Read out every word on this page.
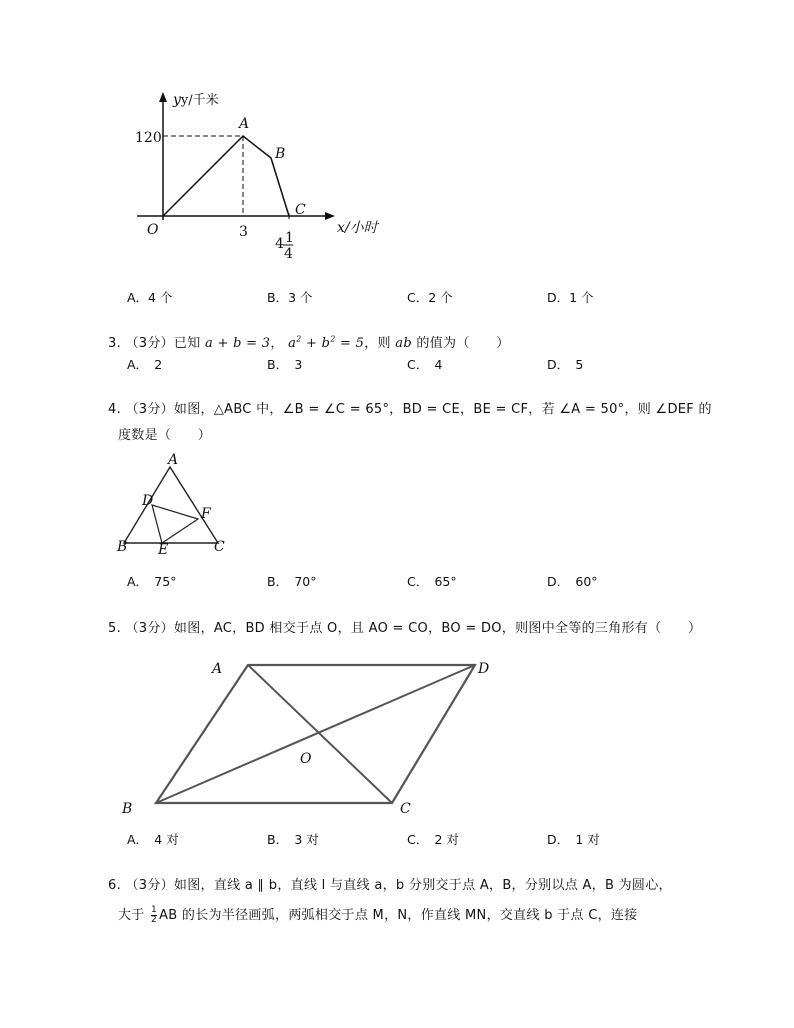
yy/千米
x/小时
O
120
3
4 1
4
A
B
C
A．4 个	B．3 个	C．2 个	D．1 个
3. （3分）已知 a + b = 3， $a^2 + b^2 = 5$，则 ab 的值为（　　）
A．　2	B．　3	C．　4	D．　5
4. （3分）如图，△ABC 中，∠B = ∠C = 65°，BD = CE，BE = CF，若 ∠A = 50°，则 ∠DEF 的
度数是（　　）
A
B	C
D
E
F
A．　75°	B．　70°	C．　65°	D．　60°
5. （3分）如图，AC，BD 相交于点 O，且 AO = CO，BO = DO，则图中全等的三角形有（　　）
A	D
B	C
O
A．　4 对	B．　3 对	C．　2 对	D．　1 对
6. （3分）如图，直线 a ∥ b，直线 l 与直线 a，b 分别交于点 A，B，分别以点 A，B 为圆心，
大于 $\frac{1}{2}$ AB 的长为半径画弧，两弧相交于点 M，N，作直线 MN，交直线 b 于点 C，连接
